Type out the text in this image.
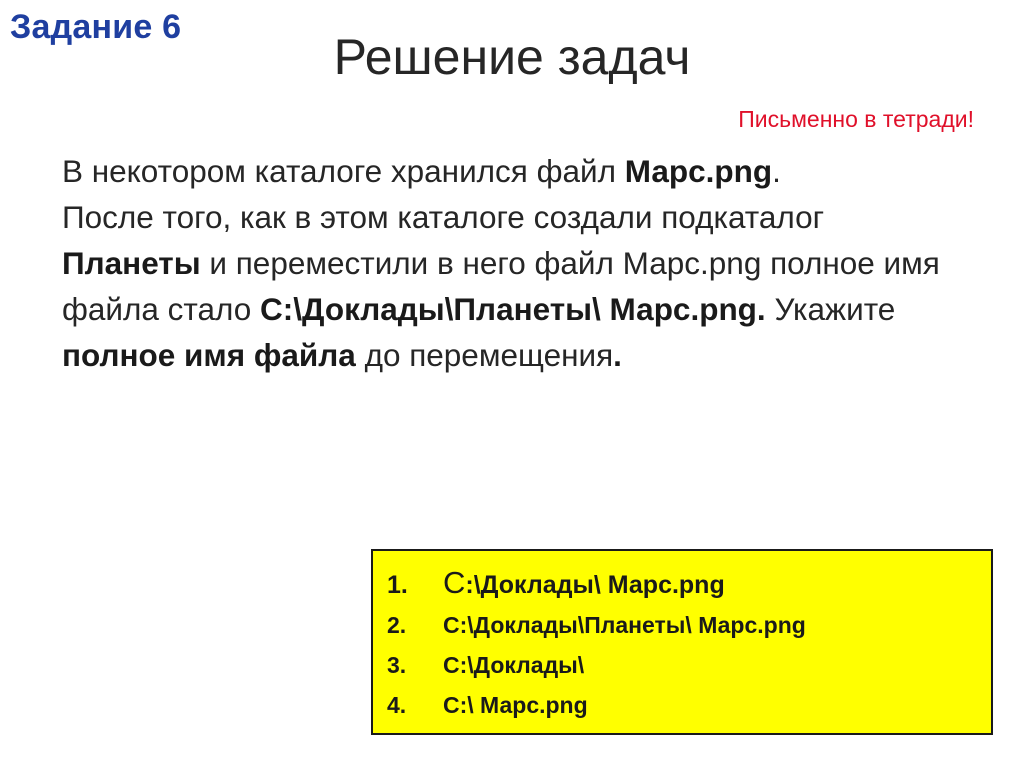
Задание 6
Решение задач
Письменно в тетради!
В некотором каталоге хранился файл Марс.png.
После того, как в этом каталоге создали подкаталог Планеты и переместили в него файл Марс.png полное имя файла стало C:\Доклады\Планеты\ Марс.png. Укажите полное имя файла до перемещения.
1.	C:\Доклады\ Марс.png
2.	C:\Доклады\Планеты\ Марс.png
3.	C:\Доклады\
4.	C:\ Марс.png
